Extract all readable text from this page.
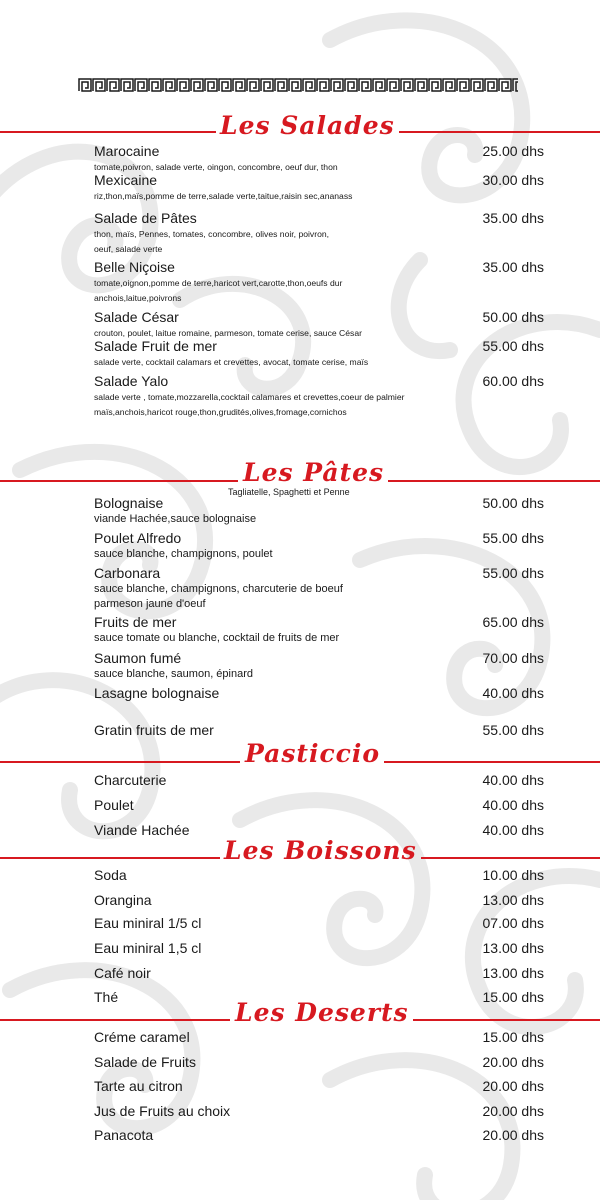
Les Salades
Marocaine	25.00 dhs
tomate,poivron, salade verte, oingon, concombre, oeuf dur, thon
Mexicaine	30.00 dhs
riz,thon,maïs,pomme de terre,salade verte,taitue,raisin sec,ananass
Salade de Pâtes	35.00 dhs
thon, maïs, Pennes, tomates, concombre, olives noir, poivron,
oeuf, salade verte
Belle Niçoise	35.00 dhs
tomate,oignon,pomme de terre,haricot vert,carotte,thon,oeufs dur
anchois,laitue,poivrons
Salade César	50.00 dhs
crouton, poulet, laitue romaine, parmeson, tomate cerise, sauce César
Salade Fruit de mer	55.00 dhs
salade verte, cocktail calamars et crevettes, avocat, tomate cerise, maïs
Salade Yalo	60.00 dhs
salade verte , tomate,mozzarella,cocktail calamares et crevettes,coeur de palmier
maïs,anchois,haricot rouge,thon,grudités,olives,fromage,cornichos
Les Pâtes
Tagliatelle, Spaghetti et Penne
Bolognaise	50.00 dhs
viande Hachée,sauce bolognaise
Poulet Alfredo	55.00 dhs
sauce blanche, champignons, poulet
Carbonara	55.00 dhs
sauce blanche, champignons, charcuterie de boeuf
parmeson jaune d'oeuf
Fruits de mer	65.00 dhs
sauce tomate ou blanche, cocktail de fruits de mer
Saumon fumé	70.00 dhs
sauce blanche, saumon, épinard
Lasagne bolognaise	40.00 dhs
Gratin fruits de mer	55.00 dhs
Pasticcio
Charcuterie	40.00 dhs
Poulet	40.00 dhs
Viande Hachée	40.00 dhs
Les Boissons
Soda	10.00 dhs
Orangina	13.00 dhs
Eau miniral 1/5 cl	07.00 dhs
Eau miniral 1,5 cl	13.00 dhs
Café noir	13.00 dhs
Thé	15.00 dhs
Les Deserts
Créme caramel	15.00 dhs
Salade de Fruits	20.00 dhs
Tarte au citron	20.00 dhs
Jus de Fruits au choix	20.00 dhs
Panacota	20.00 dhs
